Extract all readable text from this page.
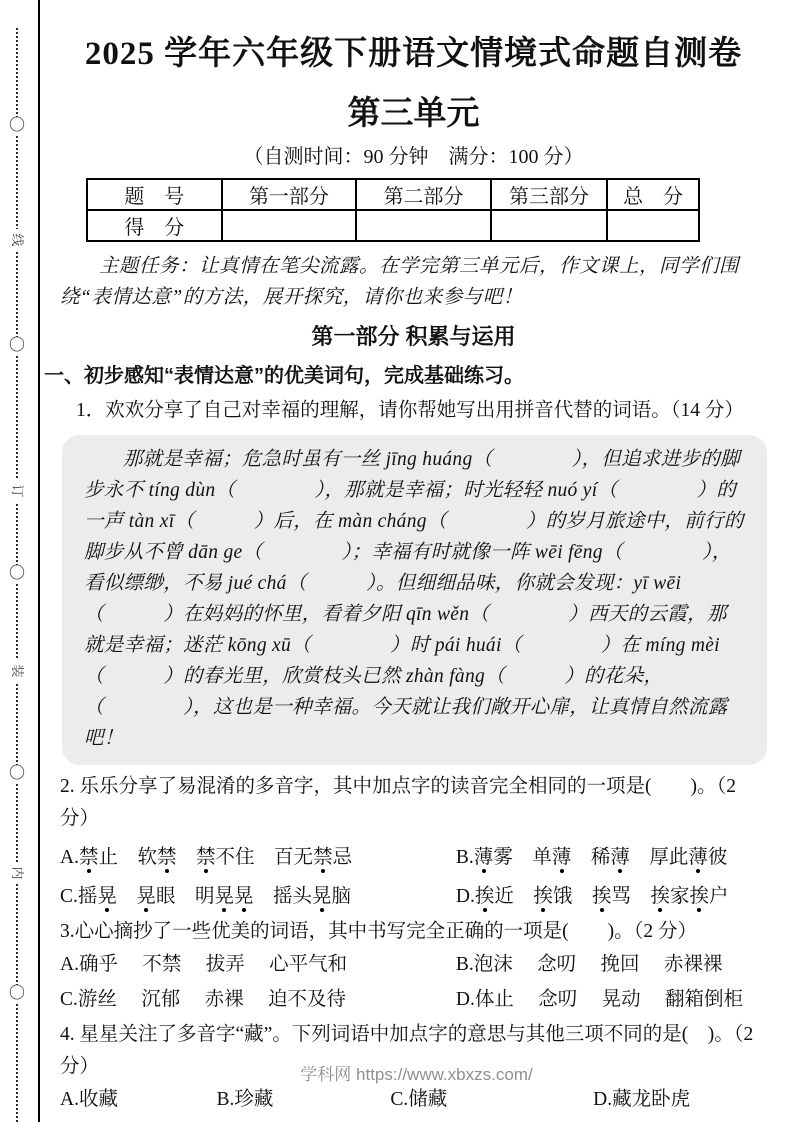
〇
线
〇
订
〇
装
〇
内
〇
2025 学年六年级下册语文情境式命题自测卷
第三单元
（自测时间：90 分钟　满分：100 分）
题　号	第一部分	第二部分	第三部分	总　分
得　分				
主题任务：让真情在笔尖流露。在学完第三单元后，作文课上，同学们围绕“表情达意”的方法，展开探究，请你也来参与吧！
第一部分 积累与运用
一、初步感知“表情达意”的优美词句，完成基础练习。
1．欢欢分享了自己对幸福的理解，请你帮她写出用拼音代替的词语。（14 分）
那就是幸福；危急时虽有一丝 jīng huáng（　　　　），但追求进步的脚步永不 tíng dùn（　　　　），那就是幸福；时光轻轻 nuó yí（　　　　）的一声 tàn xī（　　　）后，在 màn cháng（　　　　）的岁月旅途中，前行的脚步从不曾 dān ge（　　　　）；幸福有时就像一阵 wēi fēng（　　　　），看似缥缈，不易 jué chá（　　　）。但细细品味，你就会发现：yī wēi（　　　）在妈妈的怀里，看着夕阳 qīn wěn（　　　　）西天的云霞，那就是幸福；迷茫 kōng xū（　　　　）时 pái huái（　　　　）在 míng mèi（　　　）的春光里，欣赏枝头已然 zhàn fàng（　　　）的花朵，（　　　　），这也是一种幸福。今天就让我们敞开心扉，让真情自然流露吧！
2. 乐乐分享了易混淆的多音字，其中加点字的读音完全相同的一项是(　　)。（2 分）
A.禁止　软禁　 禁不住　百无禁忌	B.薄雾　单薄　稀薄　厚此薄彼
C.摇晃　 晃眼　明晃晃　摇头晃脑	D.挨近　挨饿　挨骂　挨家挨户
3.心心摘抄了一些优美的词语，其中书写完全正确的一项是(　　)。（2 分）
A.确乎　 不禁　 拔弄　 心平气和	B.泡沫　 念叨　 挽回　 赤裸裸
C.游丝　 沉郁　 赤裸　 迫不及待	D.体止　 念叨　 晃动　 翻箱倒柜
4. 星星关注了多音字“藏”。下列词语中加点字的意思与其他三项不同的是(　)。（2 分）
A.收藏	B.珍藏	C.储藏	D.藏龙卧虎
学科网 https://www.xbxzs.com/
